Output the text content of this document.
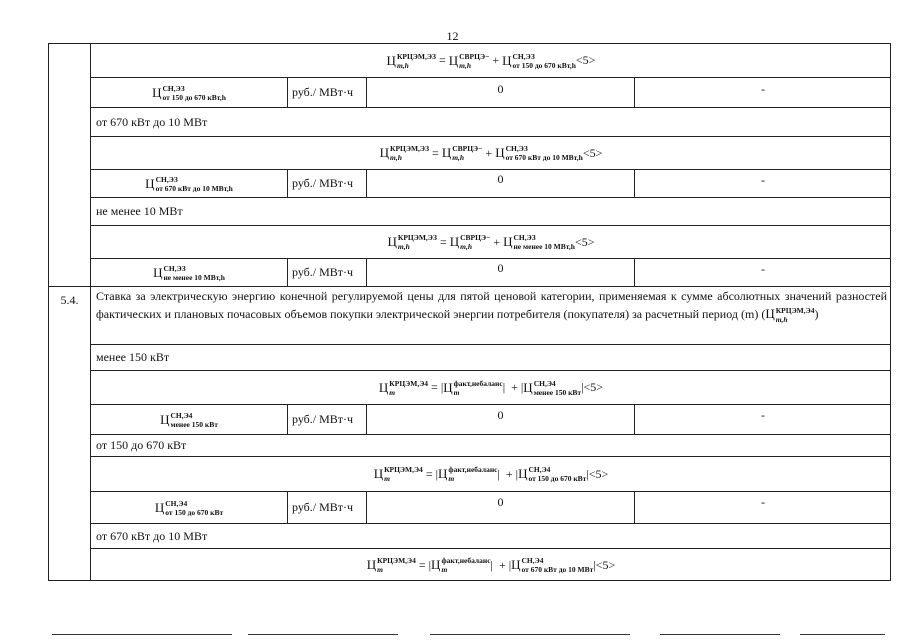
12
Ц КРЦЭМ,ЭЗ
m,h
	=
Ц СВРЦЭ−
m,h
	+
Ц СН,ЭЗ
от 150 до 670 кВт,h <5>
Ц СН,ЭЗ
от 150 до 670 кВт,h	руб./ МВт·ч	0	-
от 670 кВт до 10 МВт
Ц КРЦЭМ,ЭЗ
m,h
	=
Ц СВРЦЭ−
m,h
	+
Ц СН,ЭЗ
от 670 кВт до 10 МВт,h <5>
Ц СН,ЭЗ
от 670 кВт до 10 МВт,h	руб./ МВт·ч	0	-
не менее 10 МВт
Ц КРЦЭМ,ЭЗ
m,h
	=
Ц СВРЦЭ−
m,h
	+
Ц СН,ЭЗ
не менее 10 МВт,h <5>
Ц СН,ЭЗ
не менее 10 МВт,h	руб./ МВт·ч	0	-
5.4.	Ставка за электрическую энергию конечной регулируемой цены для пятой ценовой категории, применяемая к сумме абсолютных значений разностей фактических и плановых почасовых объемов покупки электрической энергии потребителя (покупателя) за расчетный период (m) (Ц КРЦЭМ,Э4
m,h	)
менее 150 кВт
Ц КРЦЭМ,Э4
m
	= | Ц факт,небаланс
m	| + | Ц СН,Э4
менее 150 кВт | <5>
Ц СН,Э4
менее 150 кВт	руб./ МВт·ч	0	-
от 150 до 670 кВт
Ц КРЦЭМ,Э4
m
	= | Ц факт,небаланс
m	| + | Ц СН,Э4
от 150 до 670 кВт | <5>
Ц СН,Э4
от 150 до 670 кВт	руб./ МВт·ч	0	-
от 670 кВт до 10 МВт
Ц КРЦЭМ,Э4
m
	= | Ц факт,небаланс
m	| + | Ц СН,Э4
от 670 кВт до 10 МВт | <5>
